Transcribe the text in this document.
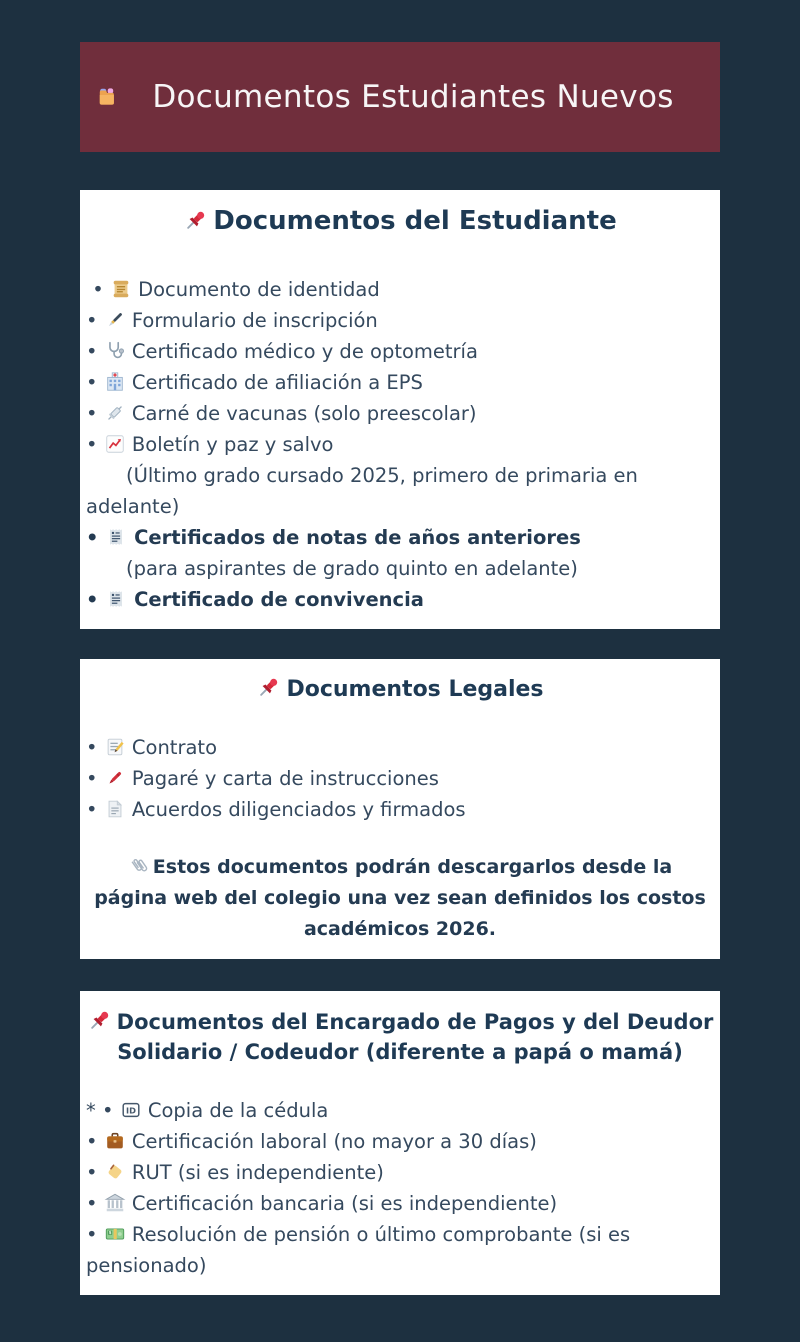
Documentos Estudiantes Nuevos
Documentos del Estudiante
•  Documento de identidad
•  Formulario de inscripción
•  Certificado médico y de optometría
•  Certificado de afiliación a EPS
•  Carné de vacunas (solo preescolar)
•  Boletín y paz y salvo
(Último grado cursado 2025, primero de primaria en adelante)
•  Certificados de notas de años anteriores
(para aspirantes de grado quinto en adelante)
•  Certificado de convivencia
Documentos Legales
•  Contrato
•  Pagaré y carta de instrucciones
•  Acuerdos diligenciados y firmados

Estos documentos podrán descargarlos desde la página web del colegio una vez sean definidos los costos académicos 2026.

Documentos del Encargado de Pagos y del Deudor Solidario / Codeudor (diferente a papá o mamá)
* • ID Copia de la cédula
•  Certificación laboral (no mayor a 30 días)
•  RUT (si es independiente)
•  Certificación bancaria (si es independiente)
• $ Resolución de pensión o último comprobante (si es pensionado)
